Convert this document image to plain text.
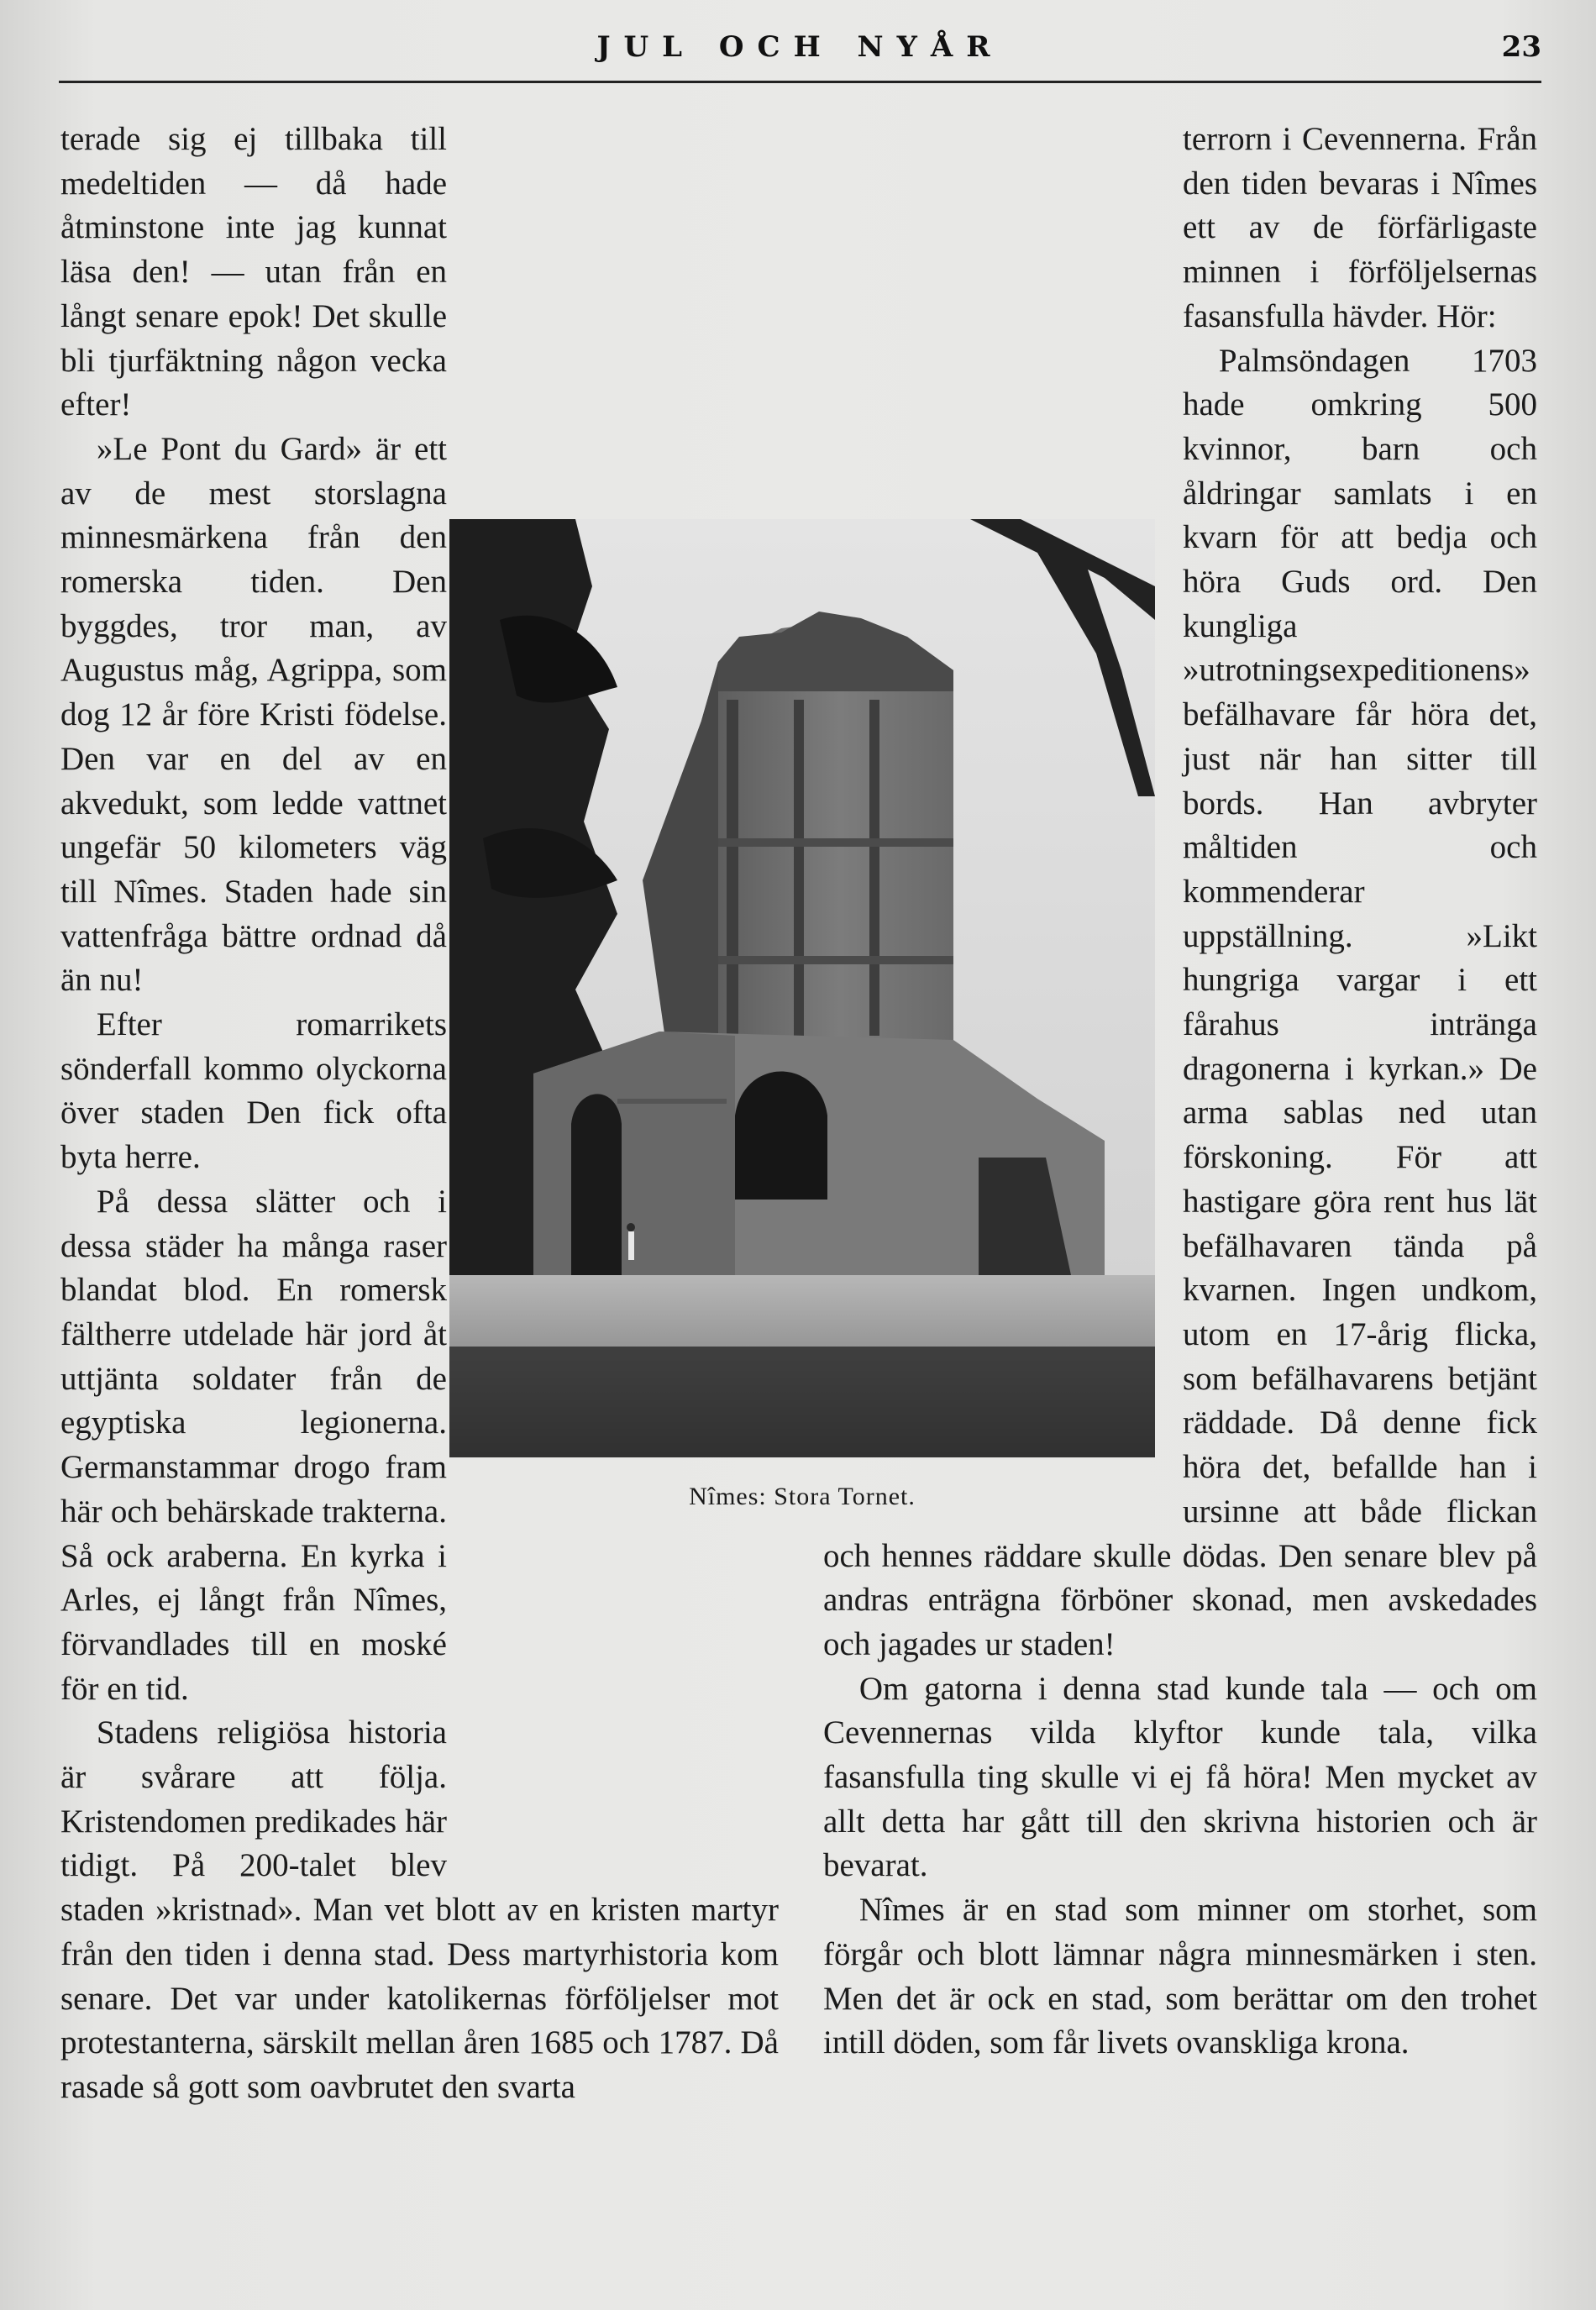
JUL OCH NYÅR	23

terade sig ej tillbaka till medeltiden — då hade åtminstone inte jag kunnat läsa den! — utan från en långt senare epok! Det skulle bli tjurfäktning någon vecka efter!

»Le Pont du Gard» är ett av de mest storslagna minnesmärkena från den romerska tiden. Den byggdes, tror man, av Augustus måg, Agrippa, som dog 12 år före Kristi födelse. Den var en del av en akvedukt, som ledde vattnet ungefär 50 kilometers väg till Nîmes. Staden hade sin vattenfråga bättre ordnad då än nu!

Efter romarrikets sönderfall kommo olyckorna över staden Den fick ofta byta herre.

På dessa slätter och i dessa städer ha många raser blandat blod. En romersk fältherre utdelade här jord åt uttjänta soldater från de egyptiska legionerna. Germanstammar drogo fram här och behärskade trakterna. Så ock araberna. En kyrka i Arles, ej långt från Nîmes, förvandlades till en moské för en tid.

Stadens religiösa historia är svårare att följa. Kristendomen predikades här tidigt. På 200-talet blev staden »kristnad». Man vet blott av en kristen martyr från den tiden i denna stad. Dess martyrhistoria kom senare. Det var under katolikernas förföljelser mot protestanterna, särskilt mellan åren 1685 och 1787. Då rasade så gott som oavbrutet den svarta

terrorn i Cevennerna. Från den tiden bevaras i Nîmes ett av de förfärligaste minnen i förföljelsernas fasansfulla hävder. Hör:

Palmsöndagen 1703 hade omkring 500 kvinnor, barn och åldringar samlats i en kvarn för att bedja och höra Guds ord. Den kungliga »utrotningsexpeditionens» befälhavare får höra det, just när han sitter till bords. Han avbryter måltiden och kommenderar uppställning. »Likt hungriga vargar i ett fårahus inträngа dragonerna i kyrkan.» De arma sablas ned utan förskoning. För att hastigare göra rent hus lät befälhavaren tända på kvarnen. Ingen undkom, utom en 17-årig flicka, som befälhavarens betjänt räddade. Då denne fick höra det, befallde han i ursinne att både flickan och hennes räddare skulle dödas. Den senare blev på andras enträgna förböner skonad, men avskedades och jagades ur staden!

Om gatorna i denna stad kunde tala — och om Cevennernas vilda klyftor kunde tala, vilka fasansfulla ting skulle vi ej få höra! Men mycket av allt detta har gått till den skrivna historien och är bevarat.

Nîmes är en stad som minner om storhet, som förgår och blott lämnar några minnesmärken i sten. Men det är ock en stad, som berättar om den trohet intill döden, som får livets ovanskliga krona.

Nîmes: Stora Tornet.
